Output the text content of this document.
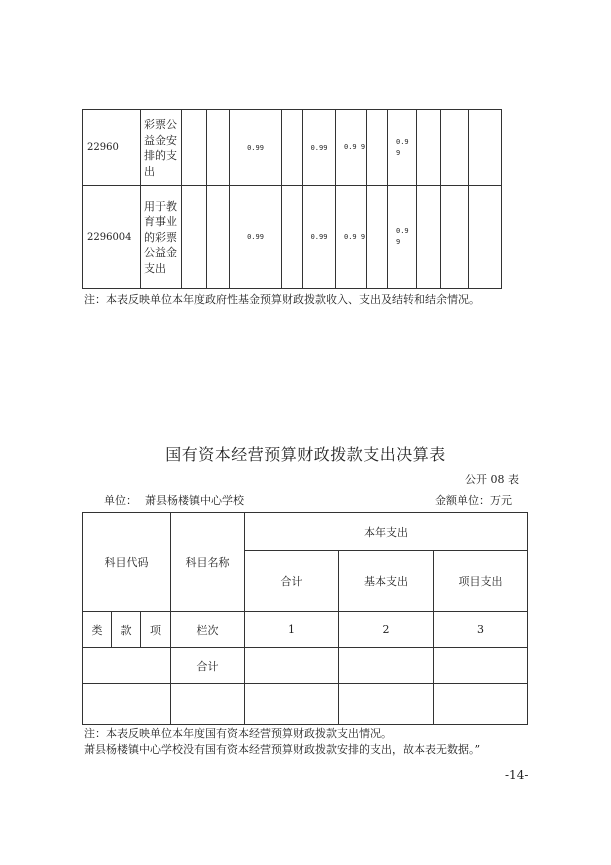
22960	彩票公益金安排的支出			0.99		0.99	0.9 9		0.9 9			
2296004	用于教育事业的彩票公益金支出			0.99		0.99	0.9 9		0.9 9			
注：本表反映单位本年度政府性基金预算财政拨款收入、支出及结转和结余情况。
国有资本经营预算财政拨款支出决算表
公开 08 表
单位： 萧县杨楼镇中心学校	金额单位：万元
科目代码			科目名称	本年支出		
				合计	基本支出	项目支出
类	款	项	栏次	1	2	3
			合计			

注：本表反映单位本年度国有资本经营预算财政拨款支出情况。
萧县杨楼镇中心学校没有国有资本经营预算财政拨款安排的支出，故本表无数据。”
-14-
